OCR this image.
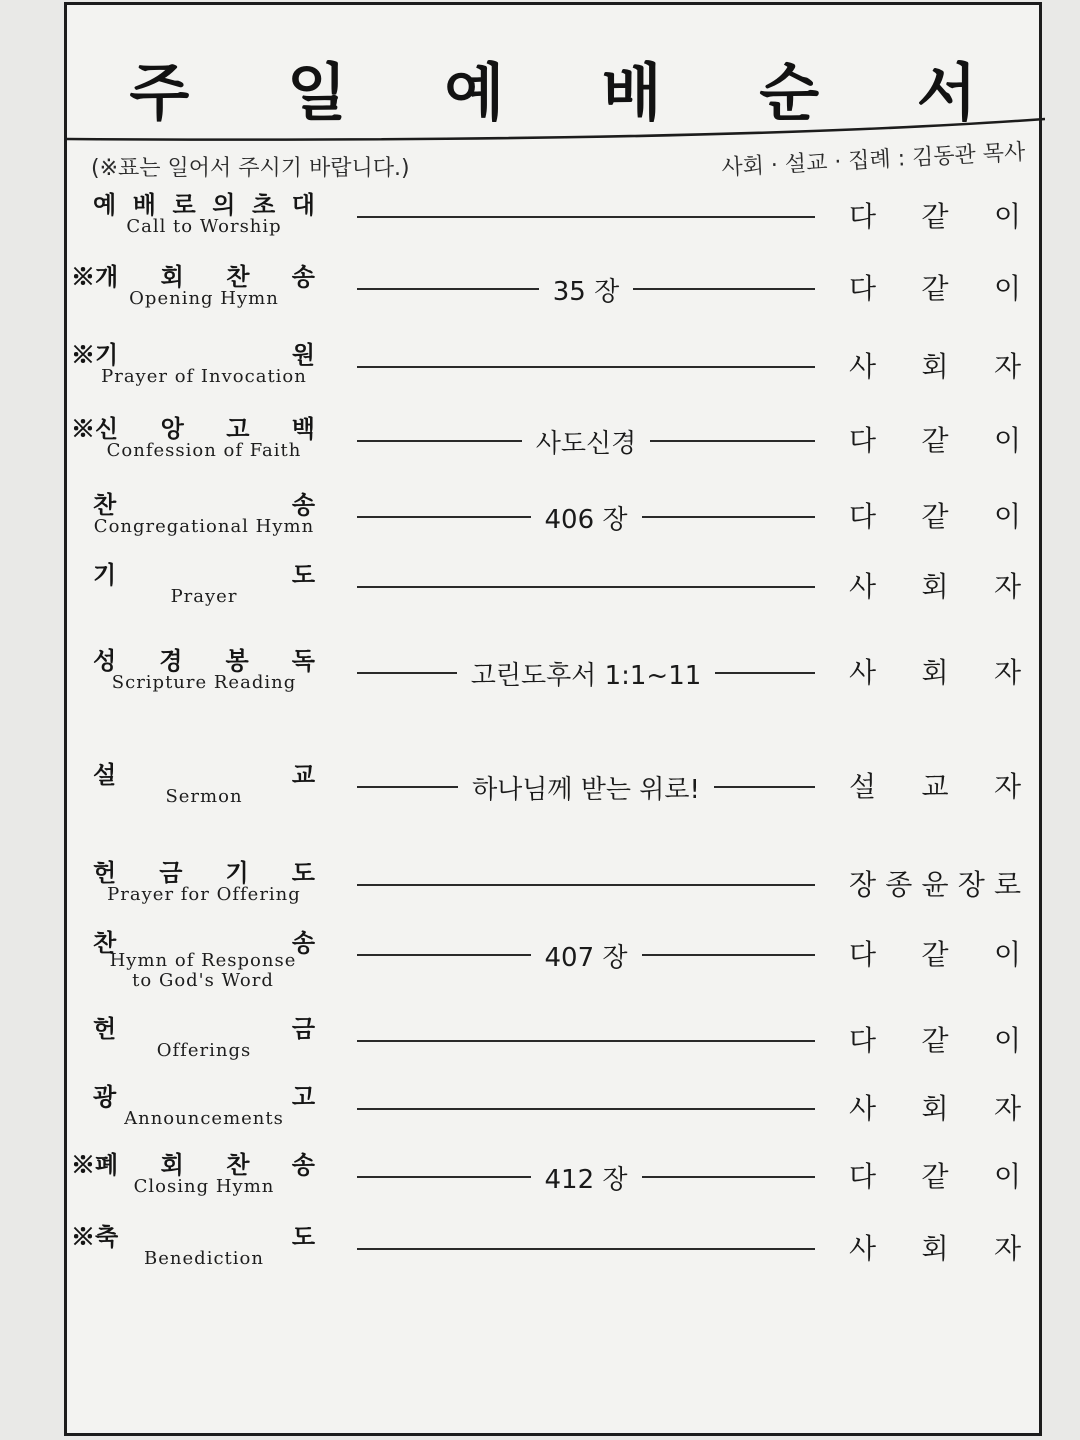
주 일 예 배 순 서
(※표는 일어서 주시기 바랍니다.)	사회 · 설교 · 집례 : 김동관 목사
예 배 로 의 초 대
Call to Worship	다 같 이
※개 회 찬 송
Opening Hymn	35 장	다 같 이
※기	원
Prayer of Invocation	사 회 자
※신 앙 고 백
Confession of Faith	사도신경	다 같 이
찬	송
Congregational Hymn	406 장	다 같 이
기	도
Prayer	사 회 자
성 경 봉 독
Scripture Reading	고린도후서 1:1~11	사 회 자
설	교
Sermon	하나님께 받는 위로!	설 교 자
헌 금 기 도
Prayer for Offering	장 종 윤 장 로
찬	송
Hymn of Response to God's Word
407 장	다 같 이
헌	금
Offerings	다 같 이
광	고
Announcements	사 회 자
※폐 회 찬 송
Closing Hymn	412 장	다 같 이
※축	도
Benediction	사 회 자
